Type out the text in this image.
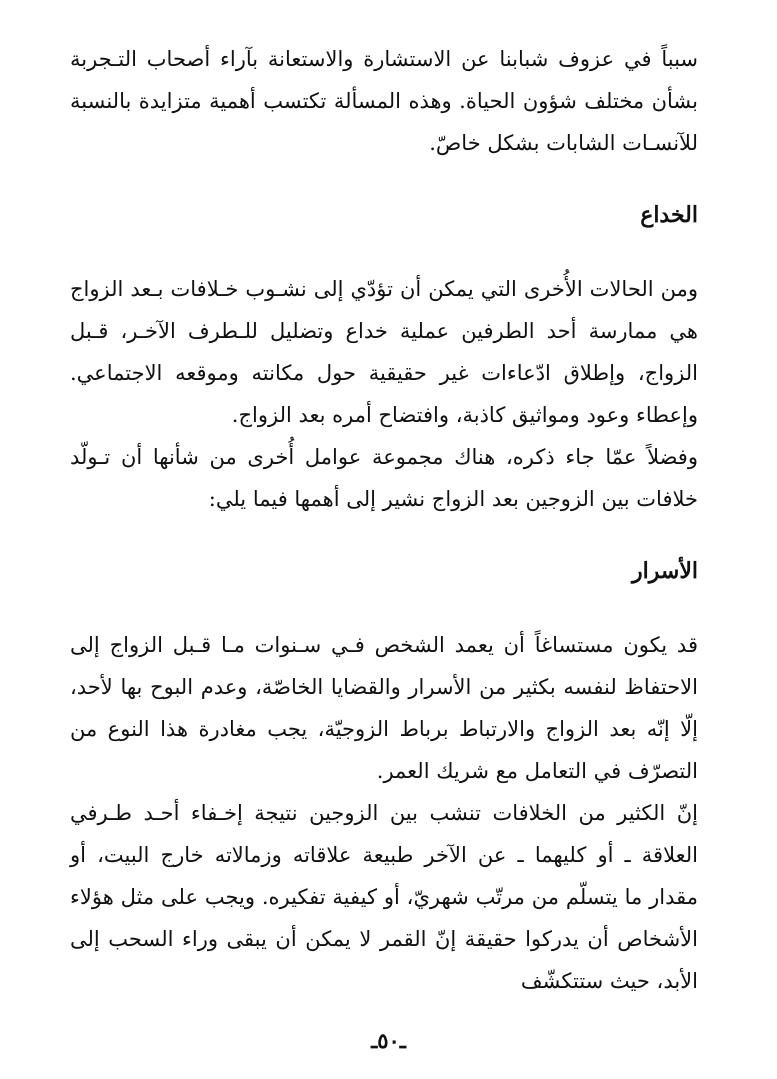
سبباً في عزوف شبابنا عن الاستشارة والاستعانة بآراء أصحاب التـجربة بشأن مختلف شؤون الحياة. وهذه المسألة تكتسب أهمية متزايدة بالنسبة للآنسـات الشابات بشكل خاصّ.

الخداع

ومن الحالات الأُخرى التي يمكن أن تؤدّي إلى نشـوب خـلافات بـعد الزواج هي ممارسة أحد الطرفين عملية خداع وتضليل للـطرف الآخـر، قـبل الزواج، وإطلاق ادّعاءات غير حقيقية حول مكانته وموقعه الاجتماعي. وإعطاء وعود ومواثيق كاذبة، وافتضاح أمره بعد الزواج.

وفضلاً عمّا جاء ذكره، هناك مجموعة عوامل أُخرى من شأنها أن تـولّد خلافات بين الزوجين بعد الزواج نشير إلى أهمها فيما يلي:

الأسرار

قد يكون مستساغاً أن يعمد الشخص فـي سـنوات مـا قـبل الزواج إلى الاحتفاظ لنفسه بكثير من الأسرار والقضايا الخاصّة، وعدم البوح بها لأحد، إلّا إنّه بعد الزواج والارتباط برباط الزوجيّة، يجب مغادرة هذا النوع من التصرّف في التعامل مع شريك العمر.

إنّ الكثير من الخلافات تنشب بين الزوجين نتيجة إخـفاء أحـد طـرفي العلاقة ـ أو كليهما ـ عن الآخر طبيعة علاقاته وزمالاته خارج البيت، أو مقدار ما يتسلّم من مرتّب شهريّ، أو كيفية تفكيره. ويجب على مثل هؤلاء الأشخاص أن يدركوا حقيقة إنّ القمر لا يمكن أن يبقى وراء السحب إلى الأبد، حيث ستتكشّف

ـ٥٠ـ
